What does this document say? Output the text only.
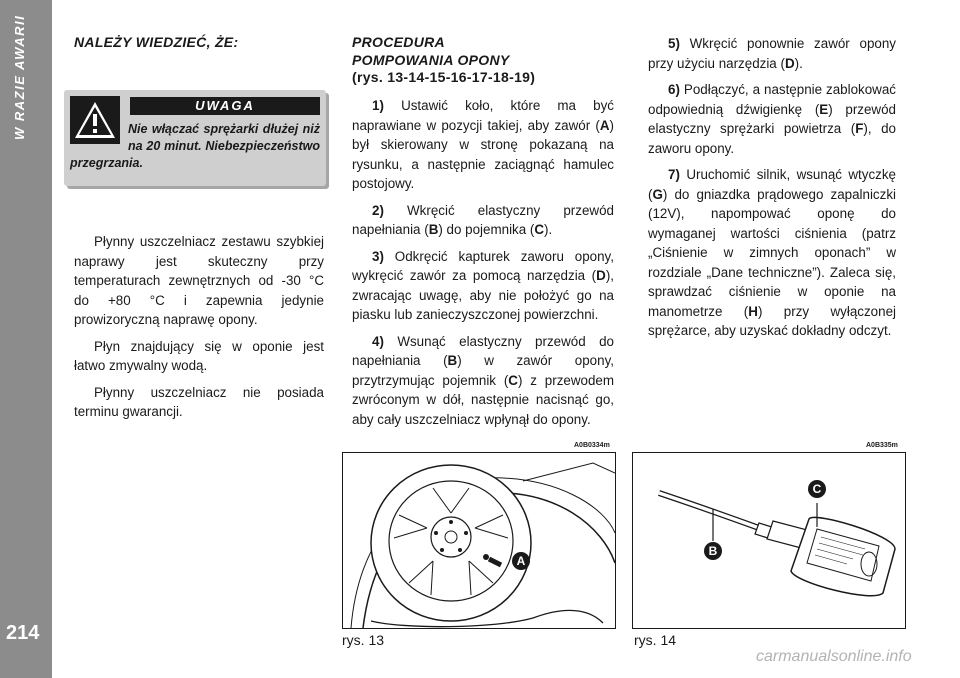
W RAZIE AWARII
214
NALEŻY WIEDZIEĆ, ŻE:
UWAGA

Nie włączać sprężarki dłużej niż na 20 minut. Niebezpieczeństwo przegrzania.

Płynny uszczelniacz zestawu szybkiej naprawy jest skuteczny przy temperaturach zewnętrznych od -30 °C do +80 °C i zapewnia jedynie prowizoryczną naprawę opony.

Płyn znajdujący się w oponie jest łatwo zmywalny wodą.

Płynny uszczelniacz nie posiada terminu gwarancji.

PROCEDURA
POMPOWANIA OPONY
(rys. 13-14-15-16-17-18-19)

1) Ustawić koło, które ma być naprawiane w pozycji takiej, aby zawór (A) był skierowany w stronę pokazaną na rysunku, a następnie zaciągnąć hamulec postojowy.

2) Wkręcić elastyczny przewód napełniania (B) do pojemnika (C).

3) Odkręcić kapturek zaworu opony, wykręcić zawór za pomocą narzędzia (D), zwracając uwagę, aby nie położyć go na piasku lub zanieczyszczonej powierzchni.

4) Wsunąć elastyczny przewód do napełniania (B) w zawór opony, przytrzymując pojemnik (C) z przewodem zwróconym w dół, następnie nacisnąć go, aby cały uszczelniacz wpłynął do opony.

5) Wkręcić ponownie zawór opony przy użyciu narzędzia (D).

6) Podłączyć, a następnie zablokować odpowiednią dźwigienkę (E) przewód elastyczny sprężarki powietrza (F), do zaworu opony.

7) Uruchomić silnik, wsunąć wtyczkę (G) do gniazdka prądowego zapalniczki (12V), napompować oponę do wymaganej wartości ciśnienia (patrz „Ciśnienie w zimnych oponach” w rozdziale „Dane techniczne”). Zaleca się, sprawdzać ciśnienie w oponie na manometrze (H) przy wyłączonej sprężarce, aby uzyskać dokładny odczyt.

A0B0334m
A
rys. 13
A0B335m
B
C
rys. 14
carmanualsonline.info
